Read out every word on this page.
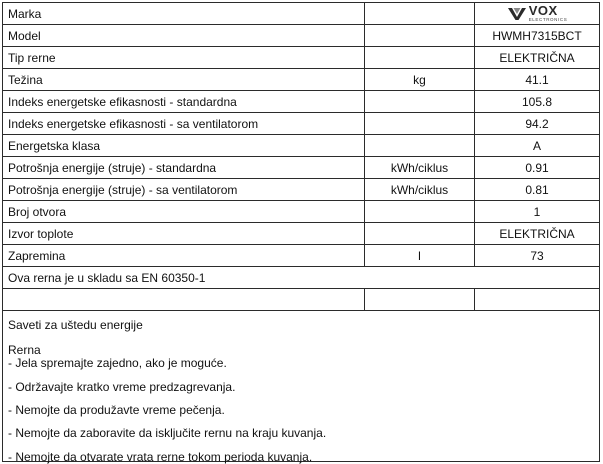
Marka		VOX
ELECTRONICS

Model		HWMH7315BCT
Tip rerne		ELEKTRIČNA
Težina	kg	41.1
Indeks energetske efikasnosti - standardna		105.8
Indeks energetske efikasnosti - sa ventilatorom		94.2
Energetska klasa		A
Potrošnja energije (struje) - standardna	kWh/ciklus	0.91
Potrošnja energije (struje) - sa ventilatorom	kWh/ciklus	0.81
Broj otvora		1
Izvor toplote		ELEKTRIČNA
Zapremina	l	73
Ova rerna je u skladu sa EN 60350-1		

Saveti za uštedu energije

Rerna

- Jela spremajte zajedno, ako je moguće.

- Održavajte kratko vreme predzagrevanja.

- Nemojte da produžavte vreme pečenja.

- Nemojte da zaboravite da isključite rernu na kraju kuvanja.

- Nemojte da otvarate vrata rerne tokom perioda kuvanja.
